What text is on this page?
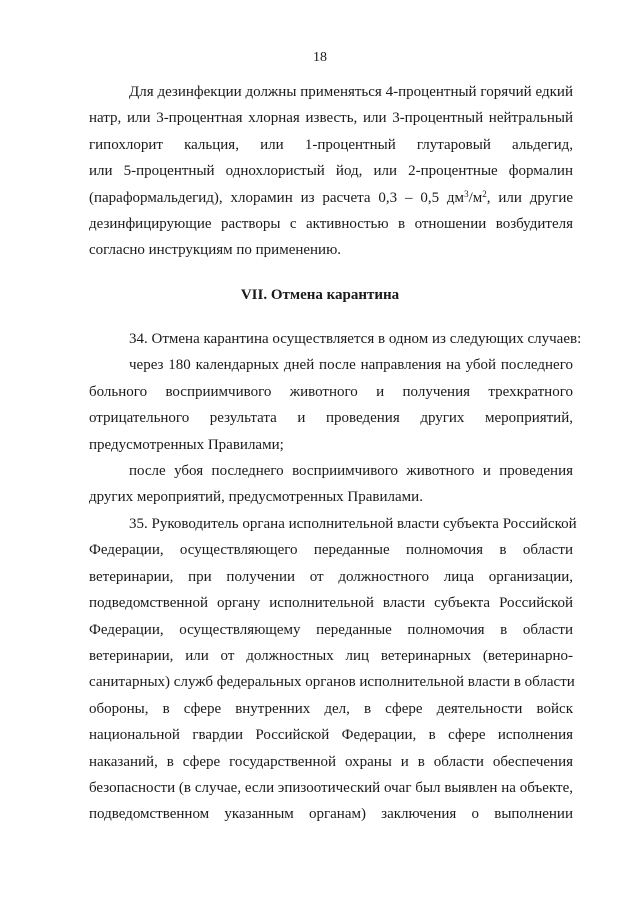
18

Для дезинфекции должны применяться 4-процентный горячий едкий
натр, или 3-процентная хлорная известь, или 3-процентный нейтральный
гипохлорит кальция, или 1-процентный глутаровый альдегид,
или 5-процентный однохлористый йод, или 2-процентные формалин
(параформальдегид), хлорамин из расчета 0,3 – 0,5 $дм^3/м^2$, или другие
дезинфицирующие растворы с активностью в отношении возбудителя
согласно инструкциям по применению.

VII. Отмена карантина

34. Отмена карантина осуществляется в одном из следующих случаев:

через 180 календарных дней после направления на убой последнего
больного восприимчивого животного и получения трехкратного
отрицательного результата и проведения других мероприятий,
предусмотренных Правилами;

после убоя последнего восприимчивого животного и проведения
других мероприятий, предусмотренных Правилами.

35. Руководитель органа исполнительной власти субъекта Российской
Федерации, осуществляющего переданные полномочия в области
ветеринарии, при получении от должностного лица организации,
подведомственной органу исполнительной власти субъекта Российской
Федерации, осуществляющему переданные полномочия в области
ветеринарии, или от должностных лиц ветеринарных (ветеринарно-
санитарных) служб федеральных органов исполнительной власти в области
обороны, в сфере внутренних дел, в сфере деятельности войск
национальной гвардии Российской Федерации, в сфере исполнения
наказаний, в сфере государственной охраны и в области обеспечения
безопасности (в случае, если эпизоотический очаг был выявлен на объекте,
подведомственном указанным органам) заключения о выполнении
